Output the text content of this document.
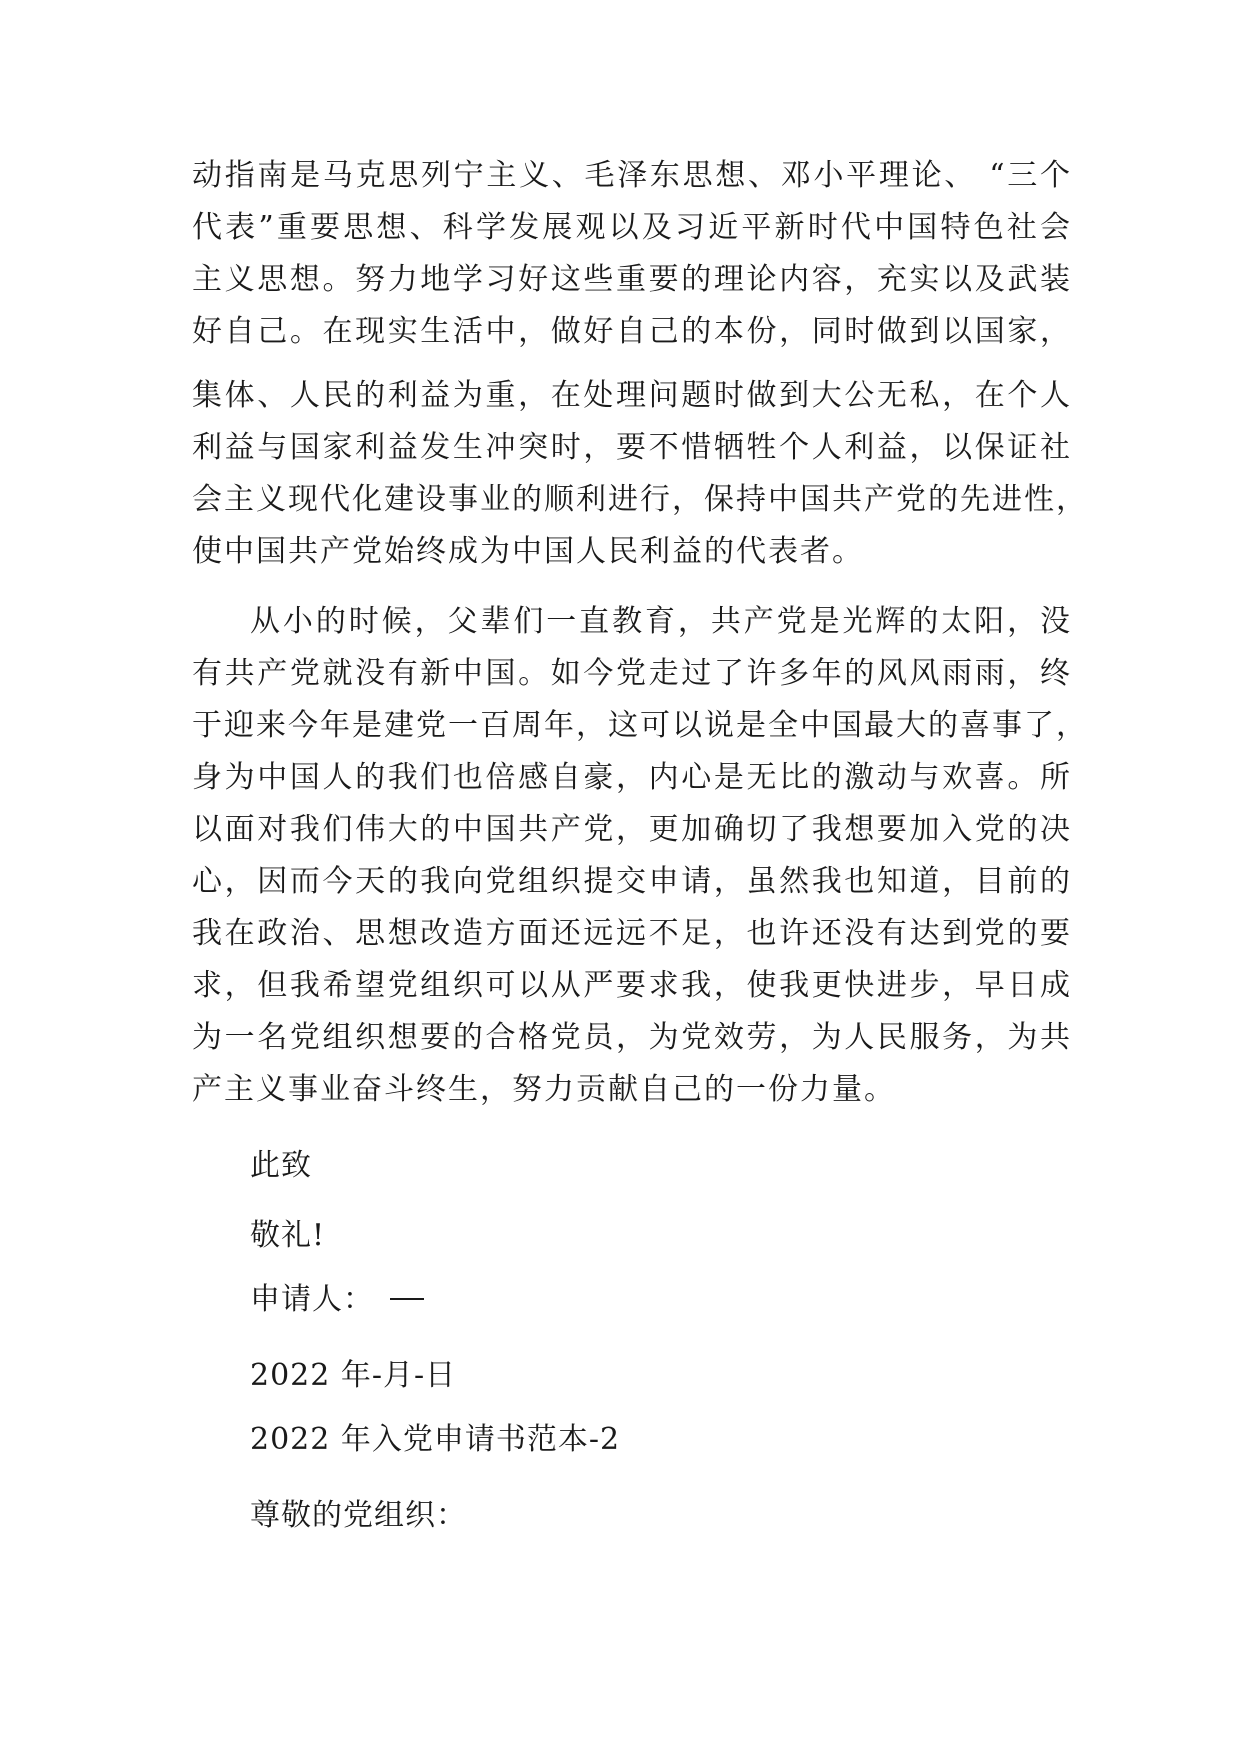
动指南是马克思列宁主义、毛泽东思想、邓小平理论、 “三个
代表”重要思想、科学发展观以及习近平新时代中国特色社会
主义思想。努力地学习好这些重要的理论内容，充实以及武装
好自己。在现实生活中，做好自己的本份，同时做到以国家，
集体、人民的利益为重，在处理问题时做到大公无私，在个人
利益与国家利益发生冲突时，要不惜牺牲个人利益，以保证社
会主义现代化建设事业的顺利进行，保持中国共产党的先进性，
使中国共产党始终成为中国人民利益的代表者。
从小的时候，父辈们一直教育，共产党是光辉的太阳，没
有共产党就没有新中国。如今党走过了许多年的风风雨雨，终
于迎来今年是建党一百周年，这可以说是全中国最大的喜事了，
身为中国人的我们也倍感自豪，内心是无比的激动与欢喜。所
以面对我们伟大的中国共产党，更加确切了我想要加入党的决
心，因而今天的我向党组织提交申请，虽然我也知道，目前的
我在政治、思想改造方面还远远不足，也许还没有达到党的要
求，但我希望党组织可以从严要求我，使我更快进步，早日成
为一名党组织想要的合格党员，为党效劳，为人民服务，为共
产主义事业奋斗终生，努力贡献自己的一份力量。
此致
敬礼!
申请人：
2022 年-月-日
2022 年入党申请书范本-2
尊敬的党组织：
